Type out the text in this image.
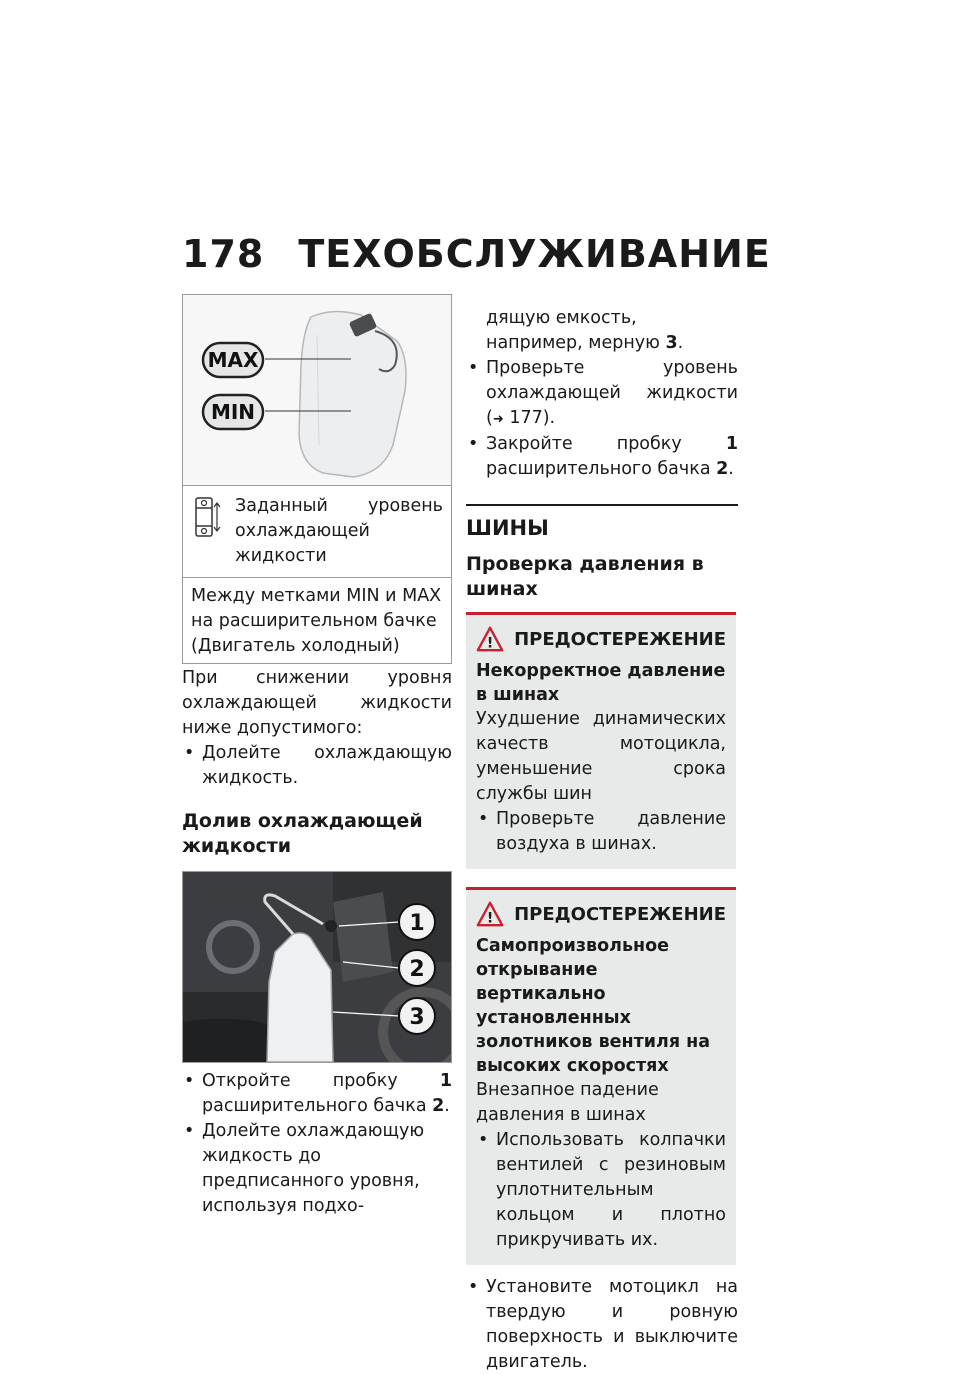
178 ТЕХОБСЛУЖИВАНИЕ
MAX
MIN

Заданный уровень охлаждающей жидкости

Между метками MIN и MAX на расширительном бачке (Двигатель холодный)

При снижении уровня охлаждающей жидкости ниже допустимого:

• Долейте охлаждающую жидкость.

Долив охлаждающей жидкости

1
2
3

• Откройте пробку 1 расширительного бачка 2.

• Долейте охлаждающую жидкость до предписанного уровня, используя подхо-

дящую емкость, например, мерную 3.

• Проверьте уровень охлаждающей жидкости (➜ 177).

• Закройте пробку 1 расширительного бачка 2.

ШИНЫ

Проверка давления в шинах

! ПРЕДОСТЕРЕЖЕНИЕ

Некорректное давление в шинах

Ухудшение динамических качеств мотоцикла, уменьшение срока службы шин

• Проверьте давление воздуха в шинах.

! ПРЕДОСТЕРЕЖЕНИЕ

Самопроизвольное открывание вертикально установленных золотников вентиля на высоких скоростях

Внезапное падение давления в шинах

• Использовать колпачки вентилей с резиновым уплотнительным кольцом и плотно прикручивать их.

• Установите мотоцикл на твердую и ровную поверхность и выключите двигатель.
